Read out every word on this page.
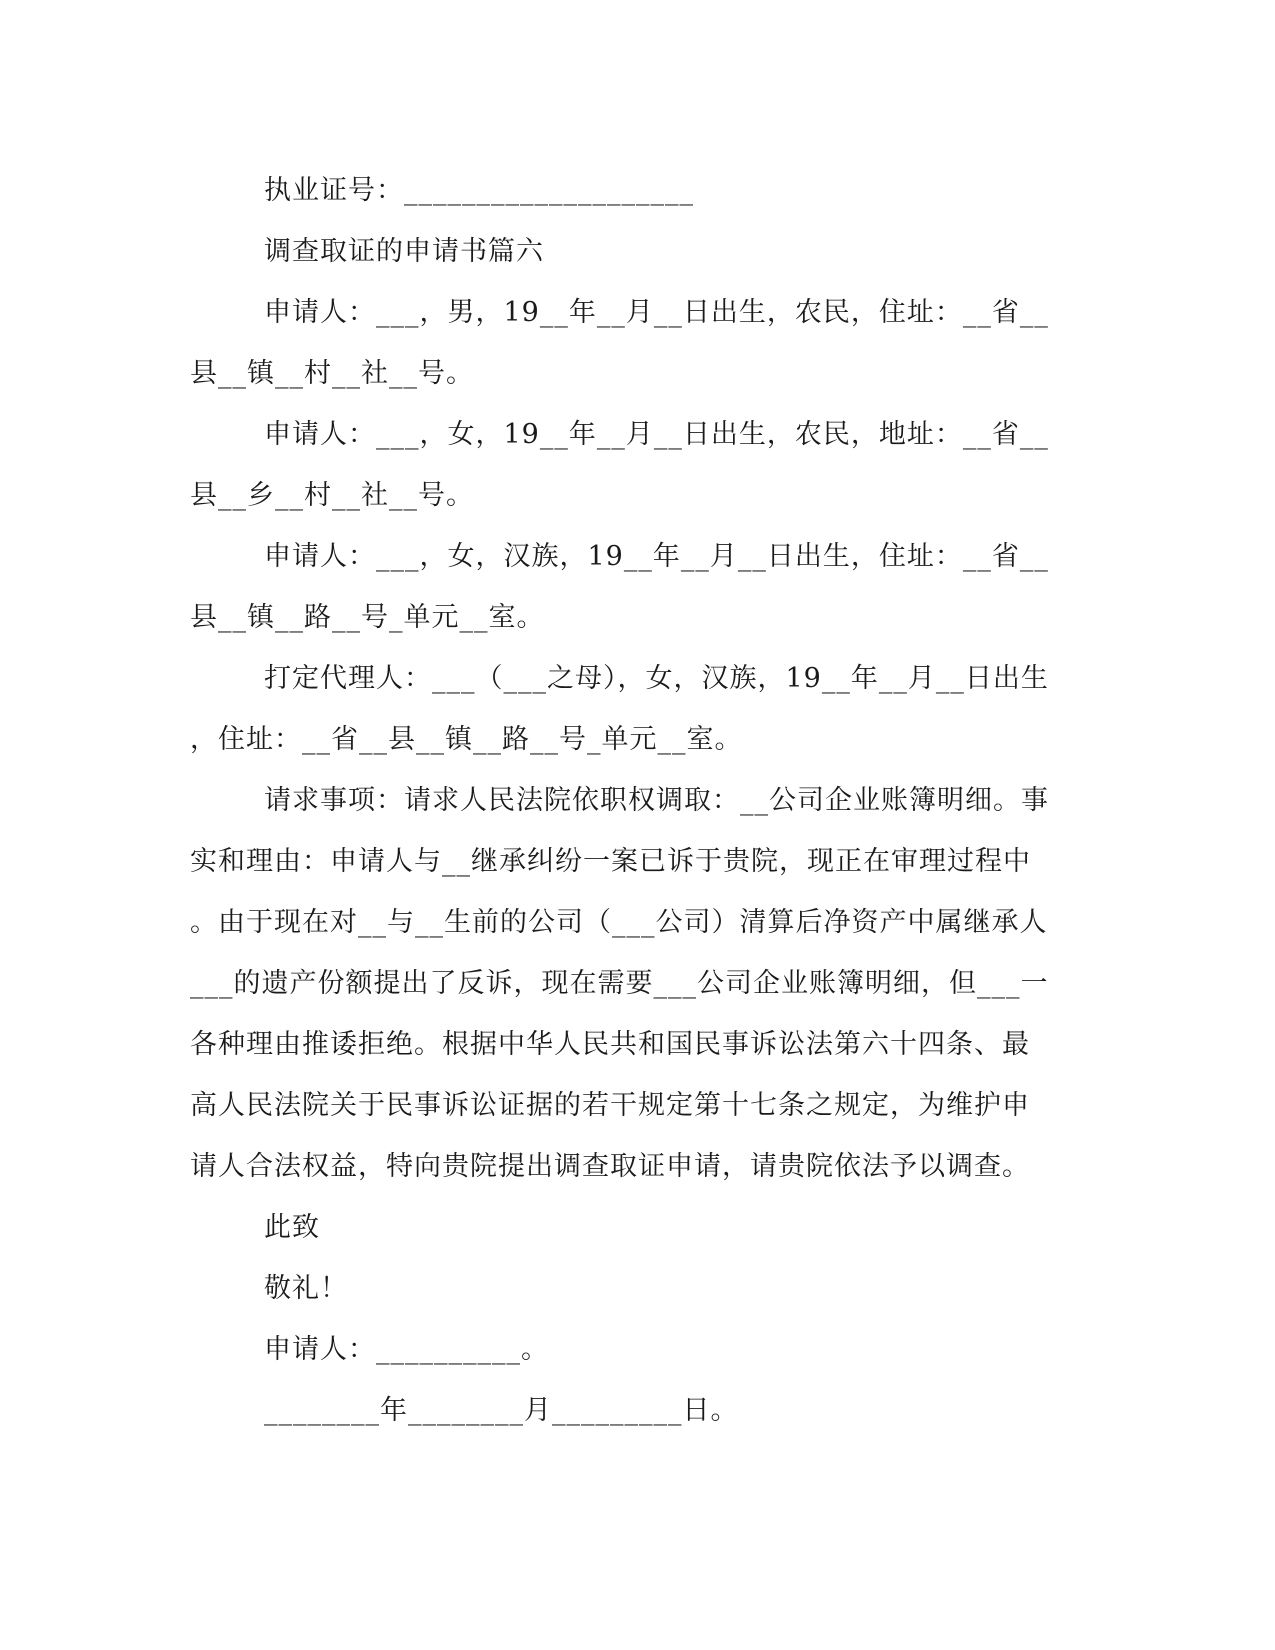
执业证号：____________________
调查取证的申请书篇六
申请人：___，男，19__年__月__日出生，农民，住址：__省__
县__镇__村__社__号。
申请人：___，女，19__年__月__日出生，农民，地址：__省__
县__乡__村__社__号。
申请人：___，女，汉族，19__年__月__日出生，住址：__省__
县__镇__路__号_单元__室。
打定代理人：___（___之母），女，汉族，19__年__月__日出生
，住址：__省__县__镇__路__号_单元__室。
请求事项：请求人民法院依职权调取：__公司企业账簿明细。事
实和理由：申请人与__继承纠纷一案已诉于贵院，现正在审理过程中
。由于现在对__与__生前的公司（___公司）清算后净资产中属继承人
___的遗产份额提出了反诉，现在需要___公司企业账簿明细，但___一
各种理由推诿拒绝。根据中华人民共和国民事诉讼法第六十四条、最
高人民法院关于民事诉讼证据的若干规定第十七条之规定，为维护申
请人合法权益，特向贵院提出调查取证申请，请贵院依法予以调查。
此致
敬礼！
申请人：__________。
________年________月_________日。
